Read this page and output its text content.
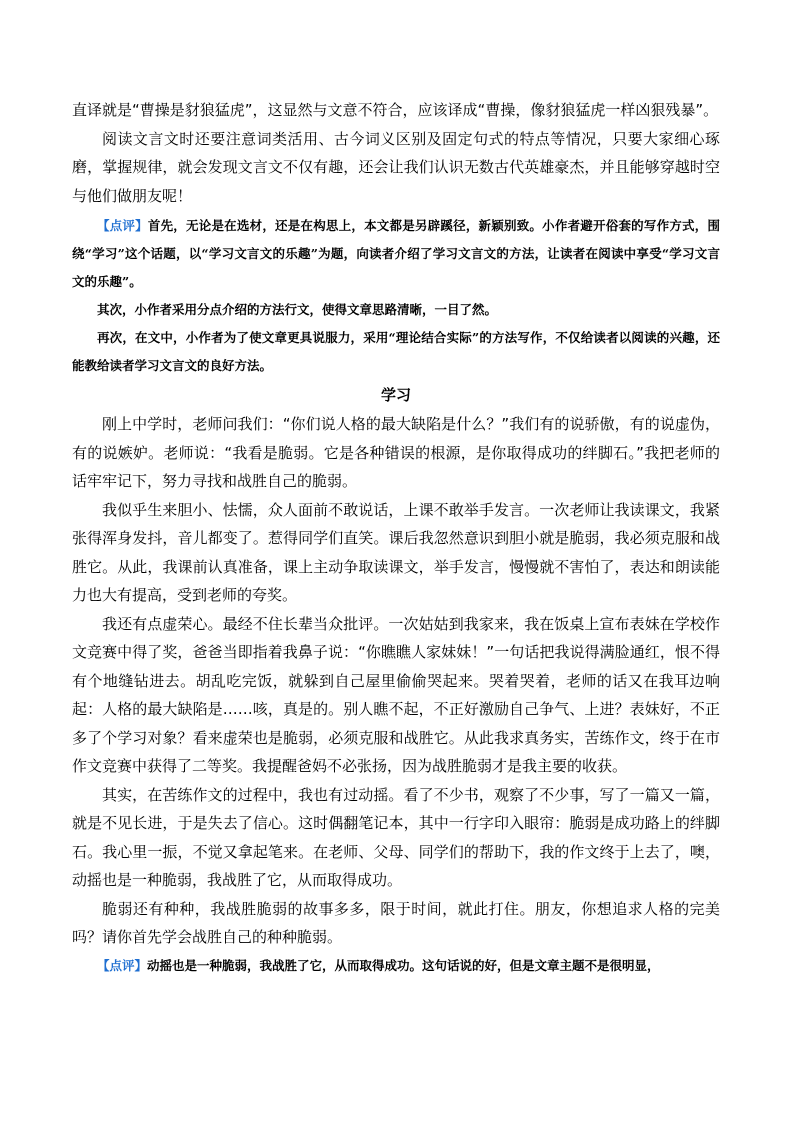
直译就是“曹操是豺狼猛虎”，这显然与文意不符合，应该译成“曹操，像豺狼猛虎一样凶狠残暴”。

阅读文言文时还要注意词类活用、古今词义区别及固定句式的特点等情况，只要大家细心琢磨，掌握规律，就会发现文言文不仅有趣，还会让我们认识无数古代英雄豪杰，并且能够穿越时空与他们做朋友呢！

【点评】首先，无论是在选材，还是在构思上，本文都是另辟蹊径，新颖别致。小作者避开俗套的写作方式，围绕“学习”这个话题，以“学习文言文的乐趣”为题，向读者介绍了学习文言文的方法，让读者在阅读中享受“学习文言文的乐趣”。

其次，小作者采用分点介绍的方法行文，使得文章思路清晰，一目了然。

再次，在文中，小作者为了使文章更具说服力，采用“理论结合实际”的方法写作，不仅给读者以阅读的兴趣，还能教给读者学习文言文的良好方法。

学习

刚上中学时，老师问我们：“你们说人格的最大缺陷是什么？”我们有的说骄傲，有的说虚伪，有的说嫉妒。老师说：“我看是脆弱。它是各种错误的根源，是你取得成功的绊脚石。”我把老师的话牢牢记下，努力寻找和战胜自己的脆弱。

我似乎生来胆小、怯懦，众人面前不敢说话，上课不敢举手发言。一次老师让我读课文，我紧张得浑身发抖，音儿都变了。惹得同学们直笑。课后我忽然意识到胆小就是脆弱，我必须克服和战胜它。从此，我课前认真准备，课上主动争取读课文，举手发言，慢慢就不害怕了，表达和朗读能力也大有提高，受到老师的夸奖。

我还有点虚荣心。最经不住长辈当众批评。一次姑姑到我家来，我在饭桌上宣布表妹在学校作文竞赛中得了奖，爸爸当即指着我鼻子说：“你瞧瞧人家妹妹！”一句话把我说得满脸通红，恨不得有个地缝钻进去。胡乱吃完饭，就躲到自己屋里偷偷哭起来。哭着哭着，老师的话又在我耳边响起：人格的最大缺陷是……咳，真是的。别人瞧不起，不正好激励自己争气、上进？表妹好，不正多了个学习对象？看来虚荣也是脆弱，必须克服和战胜它。从此我求真务实，苦练作文，终于在市作文竞赛中获得了二等奖。我提醒爸妈不必张扬，因为战胜脆弱才是我主要的收获。

其实，在苦练作文的过程中，我也有过动摇。看了不少书，观察了不少事，写了一篇又一篇，就是不见长进，于是失去了信心。这时偶翻笔记本，其中一行字印入眼帘：脆弱是成功路上的绊脚石。我心里一振，不觉又拿起笔来。在老师、父母、同学们的帮助下，我的作文终于上去了，噢，动摇也是一种脆弱，我战胜了它，从而取得成功。

脆弱还有种种，我战胜脆弱的故事多多，限于时间，就此打住。朋友，你想追求人格的完美吗？请你首先学会战胜自己的种种脆弱。

【点评】动摇也是一种脆弱，我战胜了它，从而取得成功。这句话说的好，但是文章主题不是很明显，
